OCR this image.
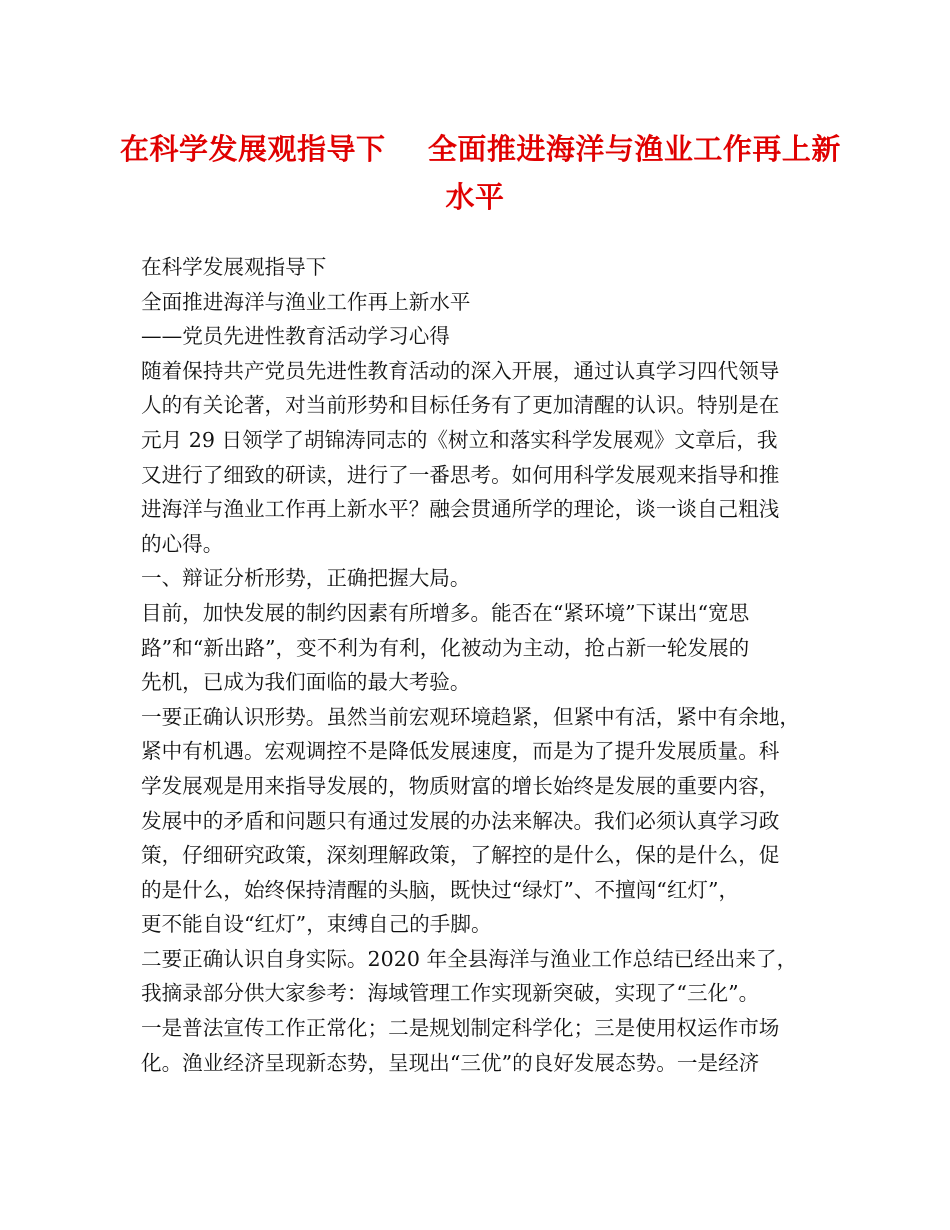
在科学发展观指导下    全面推进海洋与渔业工作再上新
水平
在科学发展观指导下
全面推进海洋与渔业工作再上新水平
——党员先进性教育活动学习心得
随着保持共产党员先进性教育活动的深入开展，通过认真学习四代领导
人的有关论著，对当前形势和目标任务有了更加清醒的认识。特别是在
元月 29 日领学了胡锦涛同志的《树立和落实科学发展观》文章后，我
又进行了细致的研读，进行了一番思考。如何用科学发展观来指导和推
进海洋与渔业工作再上新水平？融会贯通所学的理论，谈一谈自己粗浅
的心得。
一、辩证分析形势，正确把握大局。
目前，加快发展的制约因素有所增多。能否在“紧环境”下谋出“宽思
路”和“新出路”，变不利为有利，化被动为主动，抢占新一轮发展的
先机，已成为我们面临的最大考验。
一要正确认识形势。虽然当前宏观环境趋紧，但紧中有活，紧中有余地，
紧中有机遇。宏观调控不是降低发展速度，而是为了提升发展质量。科
学发展观是用来指导发展的，物质财富的增长始终是发展的重要内容，
发展中的矛盾和问题只有通过发展的办法来解决。我们必须认真学习政
策，仔细研究政策，深刻理解政策，了解控的是什么，保的是什么，促
的是什么，始终保持清醒的头脑，既快过“绿灯”、不擅闯“红灯”，
更不能自设“红灯”，束缚自己的手脚。
二要正确认识自身实际。2020 年全县海洋与渔业工作总结已经出来了，
我摘录部分供大家参考：海域管理工作实现新突破，实现了“三化”。
一是普法宣传工作正常化；二是规划制定科学化；三是使用权运作市场
化。渔业经济呈现新态势，呈现出“三优”的良好发展态势。一是经济
